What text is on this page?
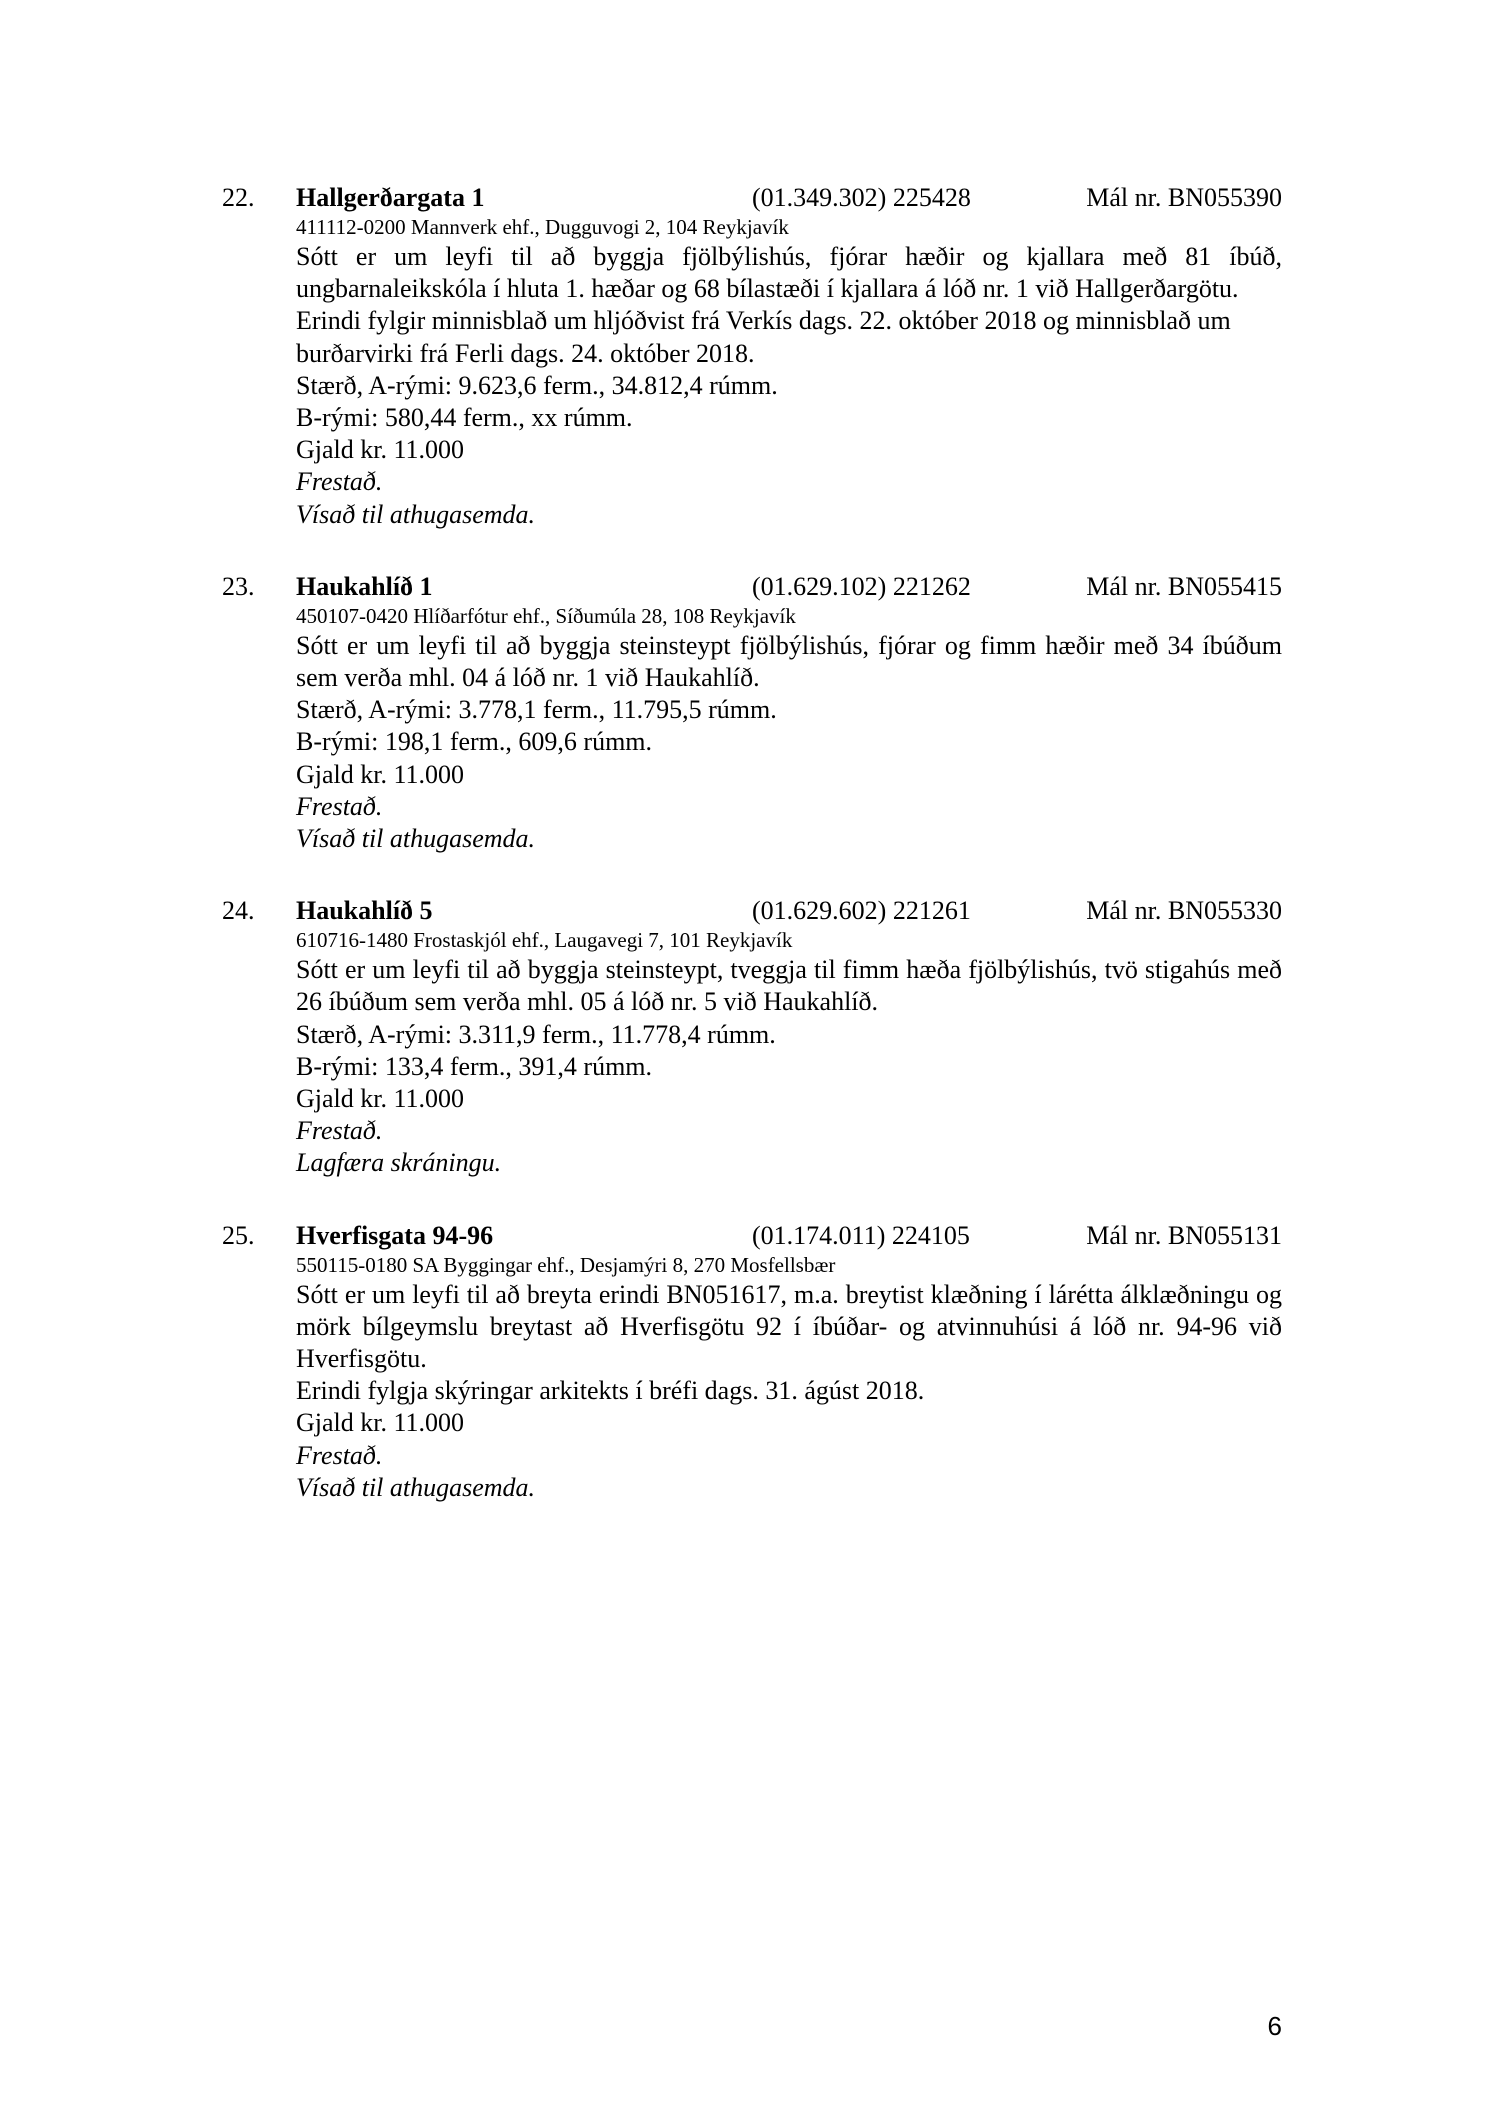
22. Hallgerðargata 1	(01.349.302) 225428	Mál nr. BN055390
411112-0200 Mannverk ehf., Dugguvogi 2, 104 Reykjavík
Sótt er um leyfi til að byggja fjölbýlishús, fjórar hæðir og kjallara með 81 íbúð, ungbarnaleikskóla í hluta 1. hæðar og 68 bílastæði í kjallara á lóð nr. 1 við Hallgerðargötu.
Erindi fylgir minnisblað um hljóðvist frá Verkís dags. 22. október 2018 og minnisblað um burðarvirki frá Ferli dags. 24. október 2018.
Stærð, A-rými: 9.623,6 ferm., 34.812,4 rúmm.
B-rými: 580,44 ferm., xx rúmm.
Gjald kr. 11.000
Frestað.
Vísað til athugasemda.
23. Haukahlíð 1	(01.629.102) 221262	Mál nr. BN055415
450107-0420 Hlíðarfótur ehf., Síðumúla 28, 108 Reykjavík
Sótt er um leyfi til að byggja steinsteypt fjölbýlishús, fjórar og fimm hæðir með 34 íbúðum sem verða mhl. 04 á lóð nr. 1 við Haukahlíð.
Stærð, A-rými: 3.778,1 ferm., 11.795,5 rúmm.
B-rými: 198,1 ferm., 609,6 rúmm.
Gjald kr. 11.000
Frestað.
Vísað til athugasemda.
24. Haukahlíð 5	(01.629.602) 221261	Mál nr. BN055330
610716-1480 Frostaskjól ehf., Laugavegi 7, 101 Reykjavík
Sótt er um leyfi til að byggja steinsteypt, tveggja til fimm hæða fjölbýlishús, tvö stigahús með 26 íbúðum sem verða mhl. 05 á lóð nr. 5 við Haukahlíð.
Stærð, A-rými: 3.311,9 ferm., 11.778,4 rúmm.
B-rými: 133,4 ferm., 391,4 rúmm.
Gjald kr. 11.000
Frestað.
Lagfæra skráningu.
25. Hverfisgata 94-96	(01.174.011) 224105	Mál nr. BN055131
550115-0180 SA Byggingar ehf., Desjamýri 8, 270 Mosfellsbær
Sótt er um leyfi til að breyta erindi BN051617, m.a. breytist klæðning í lárétta álklæðningu og mörk bílgeymslu breytast að Hverfisgötu 92 í íbúðar- og atvinnuhúsi á lóð nr. 94-96 við Hverfisgötu.
Erindi fylgja skýringar arkitekts í bréfi dags. 31. ágúst 2018.
Gjald kr. 11.000
Frestað.
Vísað til athugasemda.
6
